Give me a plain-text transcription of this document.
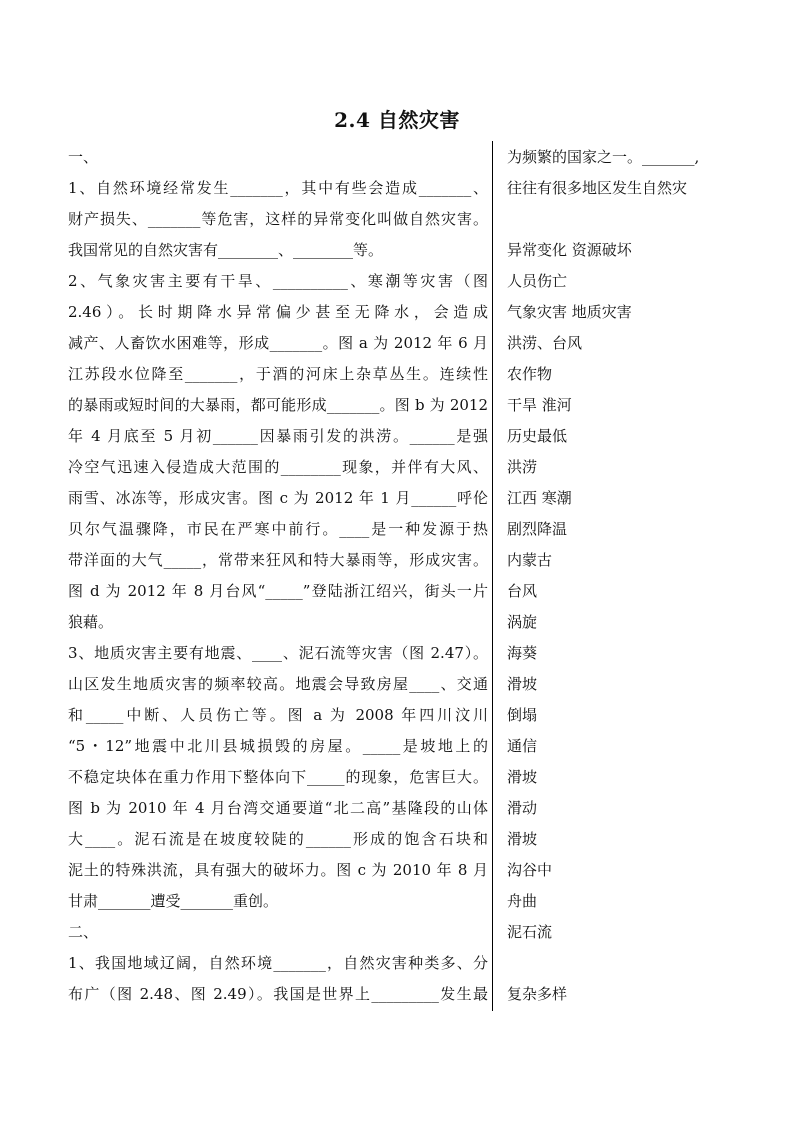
2.4 自然灾害
一、
1、自然环境经常发生_______，其中有些会造成_______、
财产损失、_______等危害，这样的异常变化叫做自然灾害。
我国常见的自然灾害有________、________等。
2、气象灾害主要有干旱、__________、寒潮等灾害（图
2.46）。长时期降水异常偏少甚至无降水，会造成
减产、人畜饮水困难等，形成_______。图 a 为 2012 年 6 月
江苏段水位降至_______，于酒的河床上杂草丛生。连续性
的暴雨或短时间的大暴雨，都可能形成_______。图 b 为 2012
年 4 月底至 5 月初______因暴雨引发的洪涝。______是强
冷空气迅速入侵造成大范围的________现象，并伴有大风、
雨雪、冰冻等，形成灾害。图 c 为 2012 年 1 月______呼伦
贝尔气温骤降，市民在严寒中前行。____是一种发源于热
带洋面的大气_____，常带来狂风和特大暴雨等，形成灾害。
图 d 为 2012 年 8 月台风“_____”登陆浙江绍兴，街头一片
狼藉。
3、地质灾害主要有地震、____、泥石流等灾害（图 2.47）。
山区发生地质灾害的频率较高。地震会导致房屋____、交通
和_____中断、人员伤亡等。图 a 为 2008 年四川汶川
“5・12”地震中北川县城损毁的房屋。_____是坡地上的
不稳定块体在重力作用下整体向下_____的现象，危害巨大。
图 b 为 2010 年 4 月台湾交通要道“北二高”基隆段的山体
大____。泥石流是在坡度较陡的______形成的饱含石块和
泥土的特殊洪流，具有强大的破坏力。图 c 为 2010 年 8 月
甘肃_______遭受_______重创。
二、
1、我国地域辽阔，自然环境_______，自然灾害种类多、分
布广（图 2.48、图 2.49）。我国是世界上_________发生最
为频繁的国家之一。_______,
往往有很多地区发生自然灾
异常变化 资源破坏
人员伤亡
气象灾害 地质灾害
洪涝、台风
农作物
干旱 淮河
历史最低
洪涝
江西 寒潮
剧烈降温
内蒙古
台风
涡旋
海葵
滑坡
倒塌
通信
滑坡
滑动
滑坡
沟谷中
舟曲
泥石流
复杂多样
